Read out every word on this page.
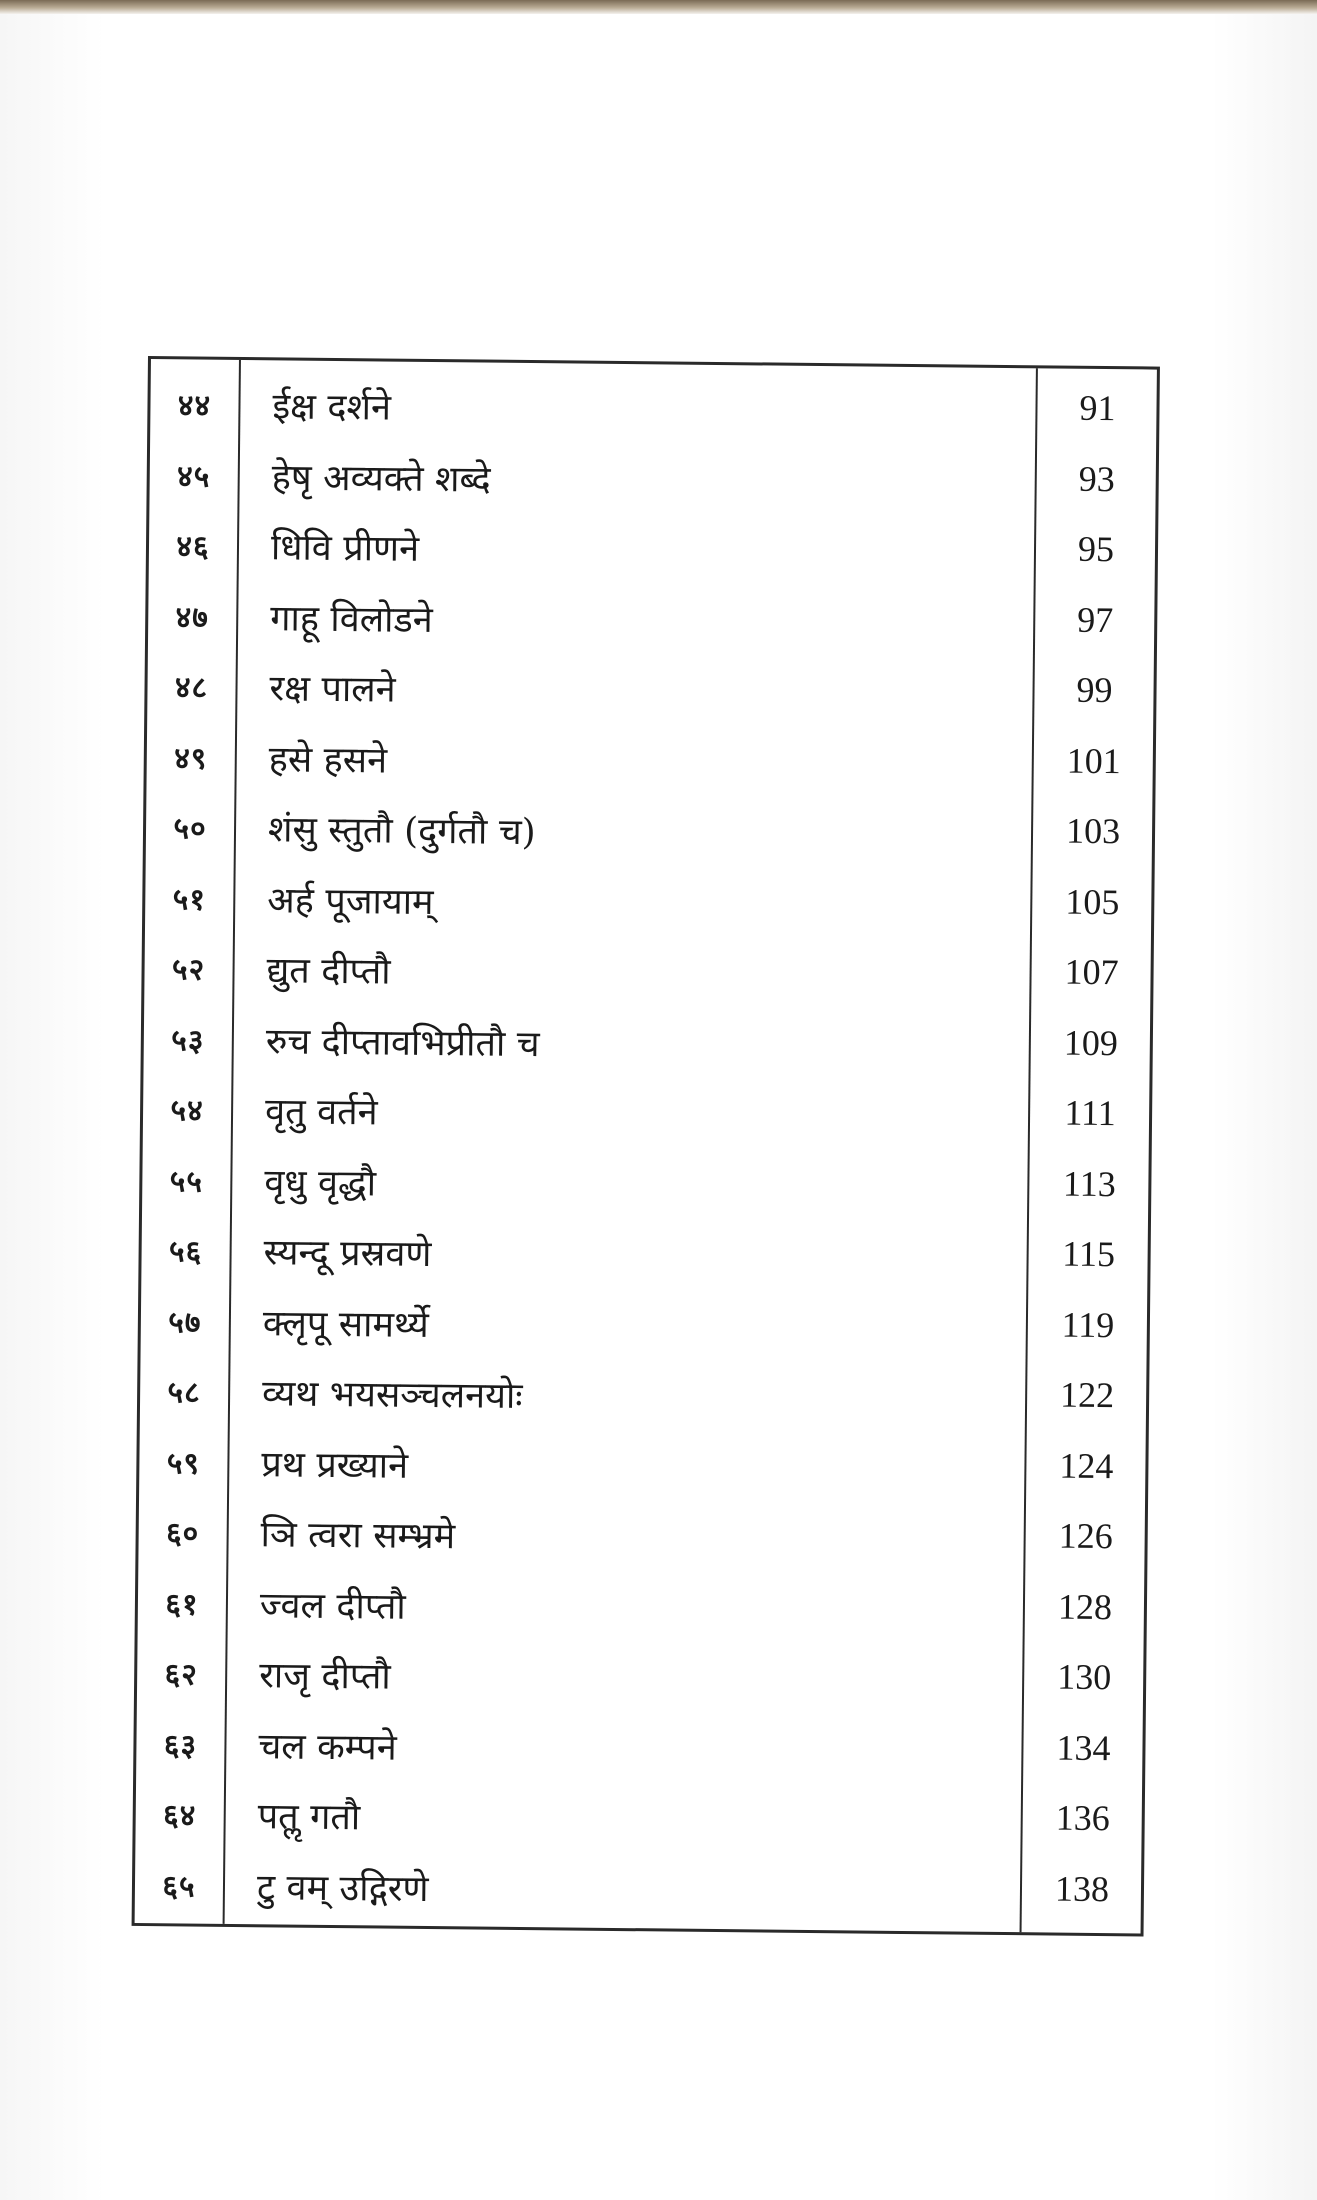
४४	ईक्ष दर्शने	91
४५	हेषृ अव्यक्ते शब्दे	93
४६	धिवि प्रीणने	95
४७	गाहू विलोडने	97
४८	रक्ष पालने	99
४९	हसे हसने	101
५०	शंसु स्तुतौ (दुर्गतौ च)	103
५१	अर्ह पूजायाम्	105
५२	द्युत दीप्तौ	107
५३	रुच दीप्तावभिप्रीतौ च	109
५४	वृतु वर्तने	111
५५	वृधु वृद्धौ	113
५६	स्यन्दू प्रस्रवणे	115
५७	क्लृपू सामर्थ्ये	119
५८	व्यथ भयसञ्चलनयोः	122
५९	प्रथ प्रख्याने	124
६०	ञि त्वरा सम्भ्रमे	126
६१	ज्वल दीप्तौ	128
६२	राजृ दीप्तौ	130
६३	चल कम्पने	134
६४	पतॢ गतौ	136
६५	टु वम् उद्गिरणे	138
